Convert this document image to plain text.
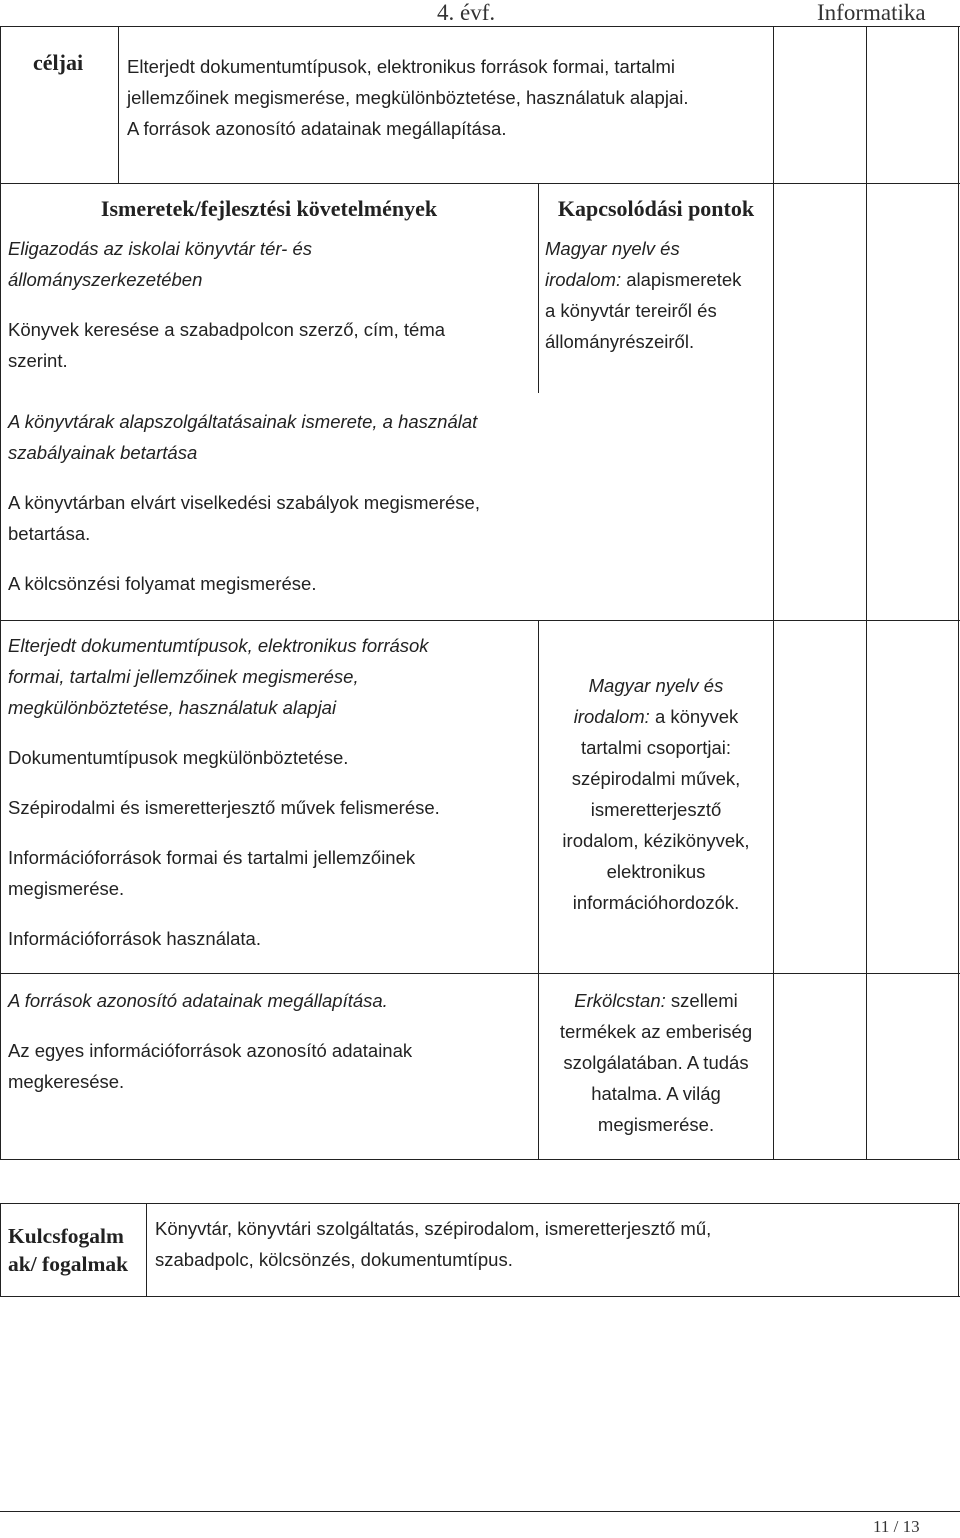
4. évf.	Informatika
céljai Elterjedt dokumentumtípusok, elektronikus források formai, tartalmi
jellemzőinek megismerése, megkülönböztetése, használatuk alapjai.
A források azonosító adatainak megállapítása.
Ismeretek/fejlesztési követelmények	Kapcsolódási pontok
Eligazodás az iskolai könyvtár tér- és
állományszerkezetében
Könyvek keresése a szabadpolcon szerző, cím, téma
szerint.
Magyar nyelv és
irodalom: alapismeretek
a könyvtár tereiről és
állományrészeiről.
A könyvtárak alapszolgáltatásainak ismerete, a használat
szabályainak betartása
A könyvtárban elvárt viselkedési szabályok megismerése,
betartása.
A kölcsönzési folyamat megismerése.
Elterjedt dokumentumtípusok, elektronikus források
formai, tartalmi jellemzőinek megismerése,
megkülönböztetése, használatuk alapjai
Dokumentumtípusok megkülönböztetése.
Szépirodalmi és ismeretterjesztő művek felismerése.
Információforrások formai és tartalmi jellemzőinek
megismerése.
Információforrások használata.
Magyar nyelv és
irodalom: a könyvek
tartalmi csoportjai:
szépirodalmi művek,
ismeretterjesztő
irodalom, kézikönyvek,
elektronikus
információhordozók.
A források azonosító adatainak megállapítása.
Az egyes információforrások azonosító adatainak
megkeresése.
Erkölcstan: szellemi
termékek az emberiség
szolgálatában. A tudás
hatalma. A világ
megismerése.
Kulcsfogalm
ak/ fogalmak
Könyvtár, könyvtári szolgáltatás, szépirodalom, ismeretterjesztő mű,
szabadpolc, kölcsönzés, dokumentumtípus.
11 / 13
